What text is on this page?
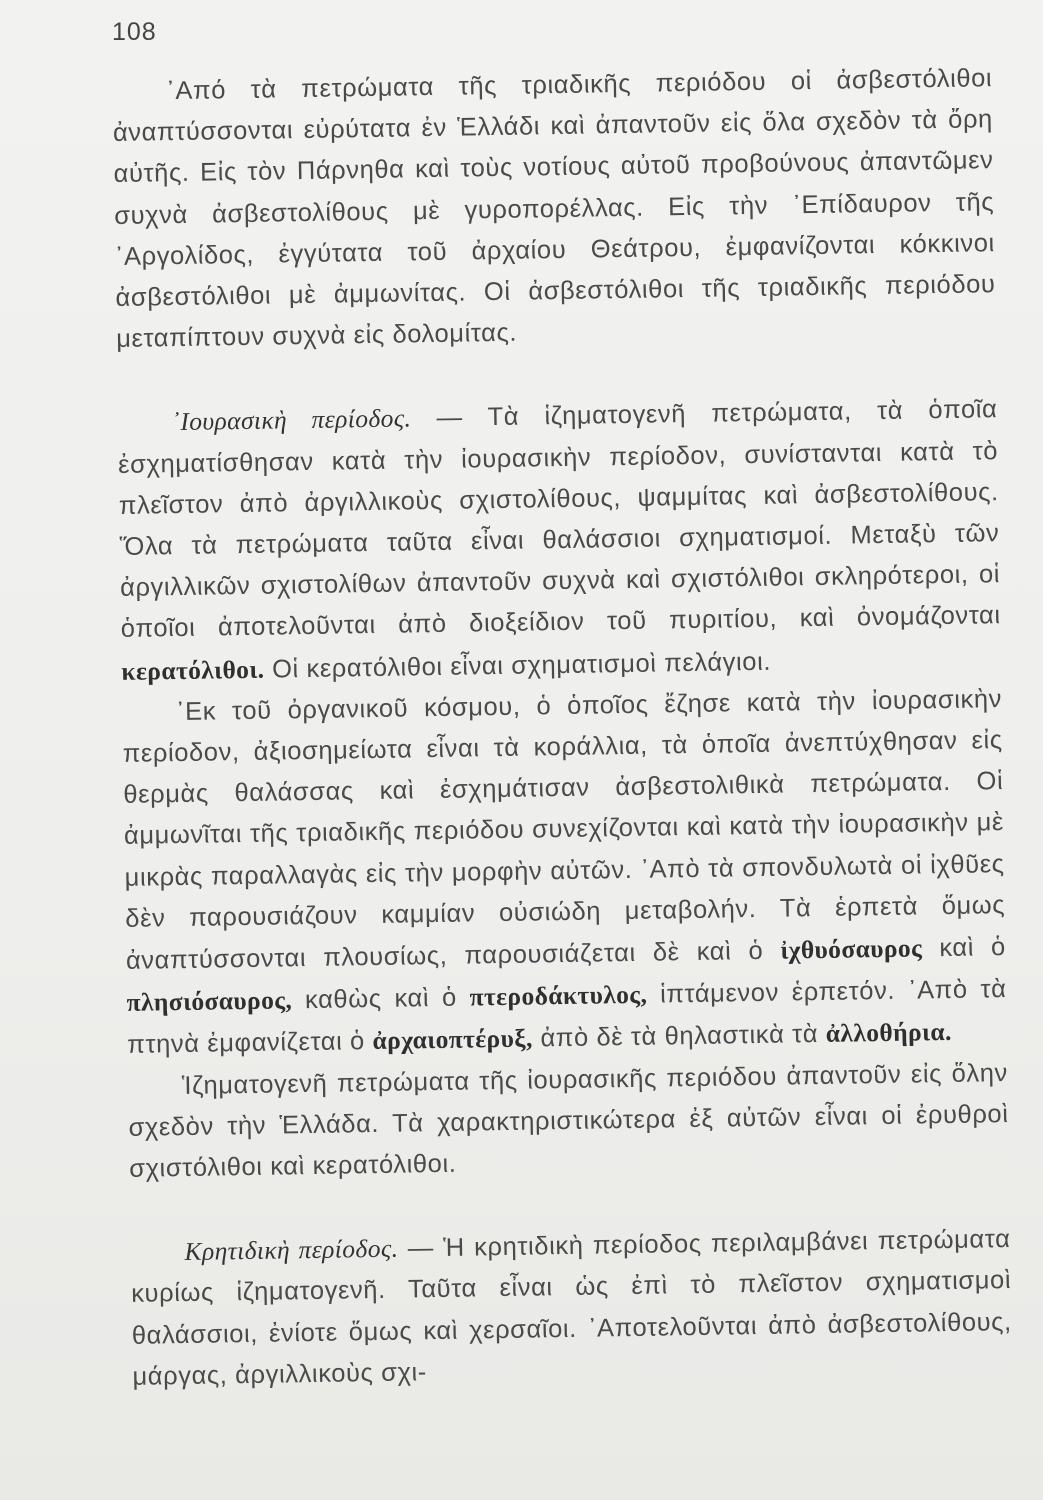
108

᾿Από τὰ πετρώματα τῆς τριαδικῆς περιόδου οἱ ἀσβεστόλιθοι ἀναπτύσσονται εὐρύτατα ἐν Ἑλλάδι καὶ ἀπαντοῦν εἰς ὅλα σχεδὸν τὰ ὄρη αὐτῆς. Εἰς τὸν Πάρνηθα καὶ τοὺς νοτίους αὐτοῦ προβούνους ἀπαντῶμεν συχνὰ ἀσβεστολίθους μὲ γυροπορέλλας. Εἰς τὴν ᾿Επίδαυρον τῆς ᾿Αργολίδος, ἐγγύτατα τοῦ ἀρχαίου Θεάτρου, ἐμφανίζονται κόκκινοι ἀσβεστόλιθοι μὲ ἀμμωνίτας. Οἱ ἀσβεστόλιθοι τῆς τριαδικῆς περιόδου μεταπίπτουν συχνὰ εἰς δολομίτας.

᾿Ιουρασικὴ περίοδος. — Τὰ ἱζηματογενῆ πετρώματα, τὰ ὁποῖα ἐσχηματίσθησαν κατὰ τὴν ἰουρασικὴν περίοδον, συνίστανται κατὰ τὸ πλεῖστον ἀπὸ ἀργιλλικοὺς σχιστολίθους, ψαμμίτας καὶ ἀσβεστολίθους. Ὅλα τὰ πετρώματα ταῦτα εἶναι θαλάσσιοι σχηματισμοί. Μεταξὺ τῶν ἀργιλλικῶν σχιστολίθων ἀπαντοῦν συχνὰ καὶ σχιστόλιθοι σκληρότεροι, οἱ ὁποῖοι ἀποτελοῦνται ἀπὸ διοξείδιον τοῦ πυριτίου, καὶ ὀνομάζονται κερατόλιθοι. Οἱ κερατόλιθοι εἶναι σχηματισμοὶ πελάγιοι.

᾿Εκ τοῦ ὀργανικοῦ κόσμου, ὁ ὁποῖος ἔζησε κατὰ τὴν ἰουρασικὴν περίοδον, ἀξιοσημείωτα εἶναι τὰ κοράλλια, τὰ ὁποῖα ἀνεπτύχθησαν εἰς θερμὰς θαλάσσας καὶ ἐσχημάτισαν ἀσβεστολιθικὰ πετρώματα. Οἱ ἀμμωνῖται τῆς τριαδικῆς περιόδου συνεχίζονται καὶ κατὰ τὴν ἰουρασικὴν μὲ μικρὰς παραλλαγὰς εἰς τὴν μορφὴν αὐτῶν. ᾿Απὸ τὰ σπονδυλωτὰ οἱ ἰχθῦες δὲν παρουσιάζουν καμμίαν οὐσιώδη μεταβολήν. Τὰ ἑρπετὰ ὅμως ἀναπτύσσονται πλουσίως, παρουσιάζεται δὲ καὶ ὁ ἰχθυόσαυρος καὶ ὁ πλησιόσαυρος, καθὼς καὶ ὁ πτεροδάκτυλος, ἱπτάμενον ἑρπετόν. ᾿Απὸ τὰ πτηνὰ ἐμφανίζεται ὁ ἀρχαιοπτέρυξ, ἀπὸ δὲ τὰ θηλαστικὰ τὰ ἀλλοθήρια.

Ἱζηματογενῆ πετρώματα τῆς ἰουρασικῆς περιόδου ἀπαντοῦν εἰς ὅλην σχεδὸν τὴν Ἑλλάδα. Τὰ χαρακτηριστικώτερα ἐξ αὐτῶν εἶναι οἱ ἐρυθροὶ σχιστόλιθοι καὶ κερατόλιθοι.

Κρητιδικὴ περίοδος. — Ἡ κρητιδικὴ περίοδος περιλαμβάνει πετρώματα κυρίως ἱζηματογενῆ. Ταῦτα εἶναι ὡς ἐπὶ τὸ πλεῖστον σχηματισμοὶ θαλάσσιοι, ἐνίοτε ὅμως καὶ χερσαῖοι. ᾿Αποτελοῦνται ἀπὸ ἀσβεστολίθους, μάργας, ἀργιλλικοὺς σχι-
